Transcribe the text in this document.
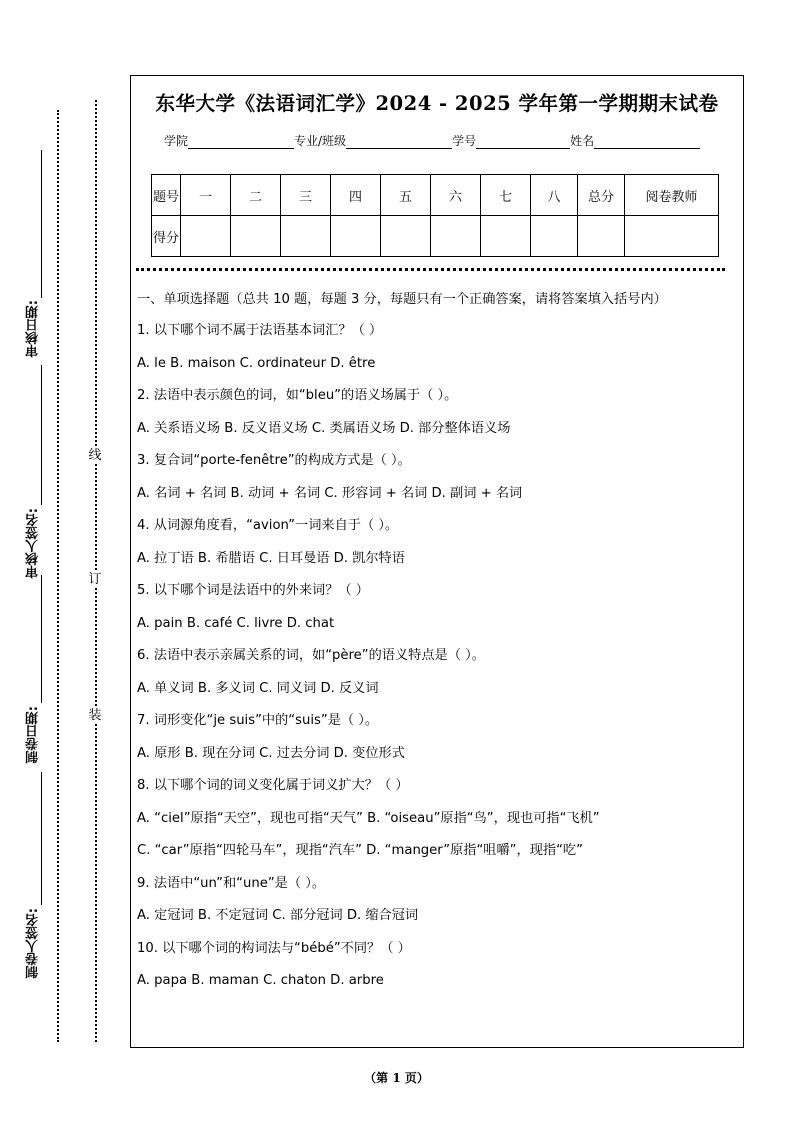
审核日期:
审核人签名:
制卷日期:
制卷人签名:
线
订
装
东华大学《法语词汇学》2024 - 2025 学年第一学期期末试卷
学院	专业/班级	学号	姓名
题号	一	二	三	四	五	六	七	八	总分	阅卷教师
得分										

一、单项选择题（总共 10 题，每题 3 分，每题只有一个正确答案，请将答案填入括号内）

1. 以下哪个词不属于法语基本词汇？（ ）

A. le B. maison C. ordinateur D. être

2. 法语中表示颜色的词，如“bleu”的语义场属于（ ）。

A. 关系语义场 B. 反义语义场 C. 类属语义场 D. 部分整体语义场

3. 复合词“porte-fenêtre”的构成方式是（ ）。

A. 名词 + 名词 B. 动词 + 名词 C. 形容词 + 名词 D. 副词 + 名词

4. 从词源角度看，“avion”一词来自于（ ）。

A. 拉丁语 B. 希腊语 C. 日耳曼语 D. 凯尔特语

5. 以下哪个词是法语中的外来词？（ ）

A. pain B. café C. livre D. chat

6. 法语中表示亲属关系的词，如“père”的语义特点是（ ）。

A. 单义词 B. 多义词 C. 同义词 D. 反义词

7. 词形变化“je suis”中的“suis”是（ ）。

A. 原形 B. 现在分词 C. 过去分词 D. 变位形式

8. 以下哪个词的词义变化属于词义扩大？（ ）

A. “ciel”原指“天空”，现也可指“天气” B. “oiseau”原指“鸟”，现也可指“飞机”

C. “car”原指“四轮马车”，现指“汽车” D. “manger”原指“咀嚼”，现指“吃”

9. 法语中“un”和“une”是（ ）。

A. 定冠词 B. 不定冠词 C. 部分冠词 D. 缩合冠词

10. 以下哪个词的构词法与“bébé”不同？（ ）

A. papa B. maman C. chaton D. arbre

（第 1 页）
